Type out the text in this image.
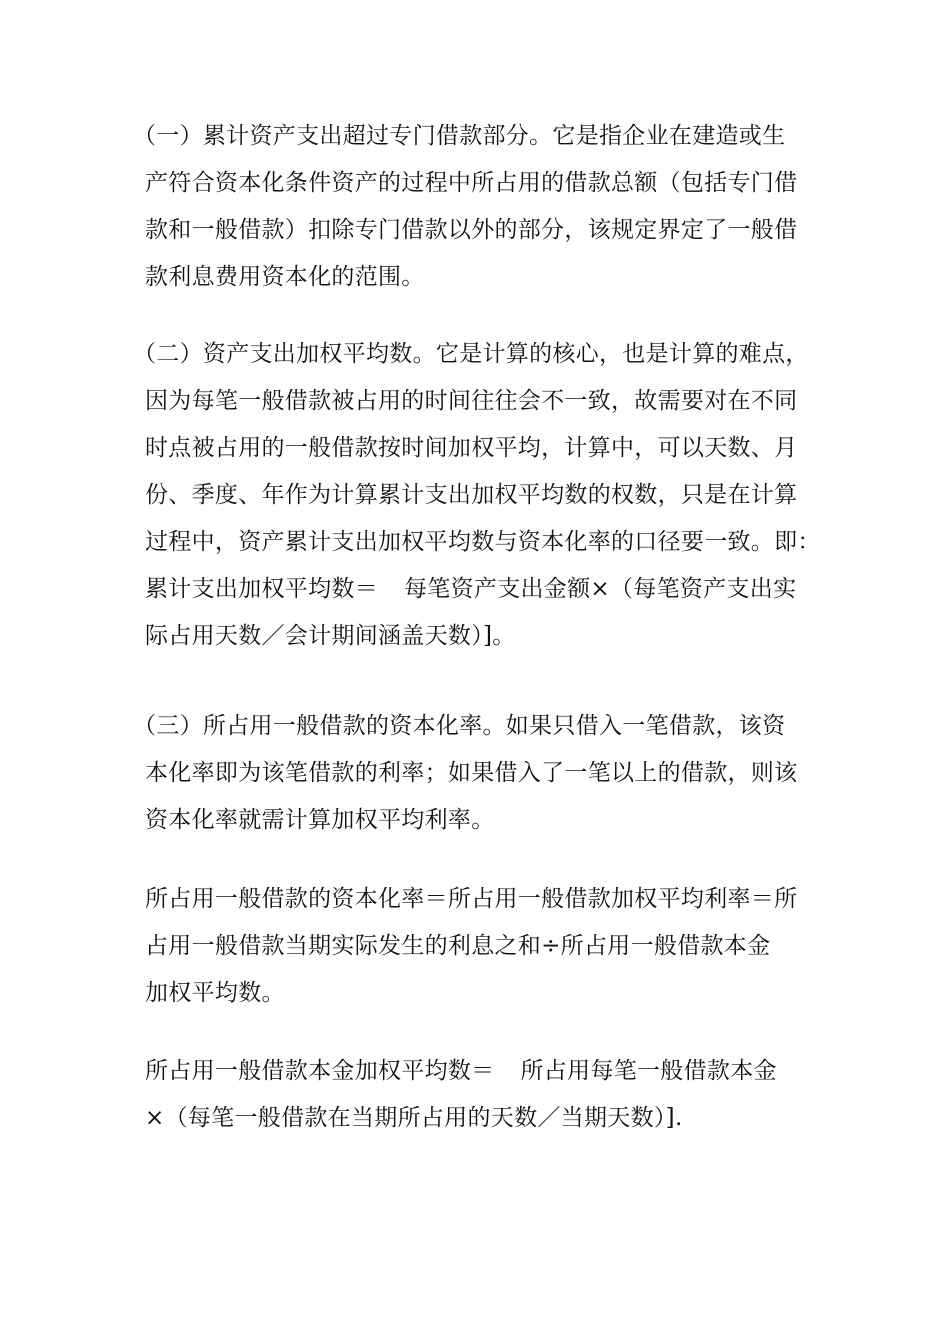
（一）累计资产支出超过专门借款部分。它是指企业在建造或生
产符合资本化条件资产的过程中所占用的借款总额（包括专门借
款和一般借款）扣除专门借款以外的部分，该规定界定了一般借
款利息费用资本化的范围。
（二）资产支出加权平均数。它是计算的核心，也是计算的难点，
因为每笔一般借款被占用的时间往往会不一致，故需要对在不同
时点被占用的一般借款按时间加权平均，计算中，可以天数、月
份、季度、年作为计算累计支出加权平均数的权数，只是在计算
过程中，资产累计支出加权平均数与资本化率的口径要一致。即：
累计支出加权平均数＝ 每笔资产支出金额×（每笔资产支出实
际占用天数／会计期间涵盖天数）]。
（三）所占用一般借款的资本化率。如果只借入一笔借款，该资
本化率即为该笔借款的利率；如果借入了一笔以上的借款，则该
资本化率就需计算加权平均利率。
所占用一般借款的资本化率＝所占用一般借款加权平均利率＝所
占用一般借款当期实际发生的利息之和÷所占用一般借款本金
加权平均数。
所占用一般借款本金加权平均数＝ 所占用每笔一般借款本金
×（每笔一般借款在当期所占用的天数／当期天数）].
